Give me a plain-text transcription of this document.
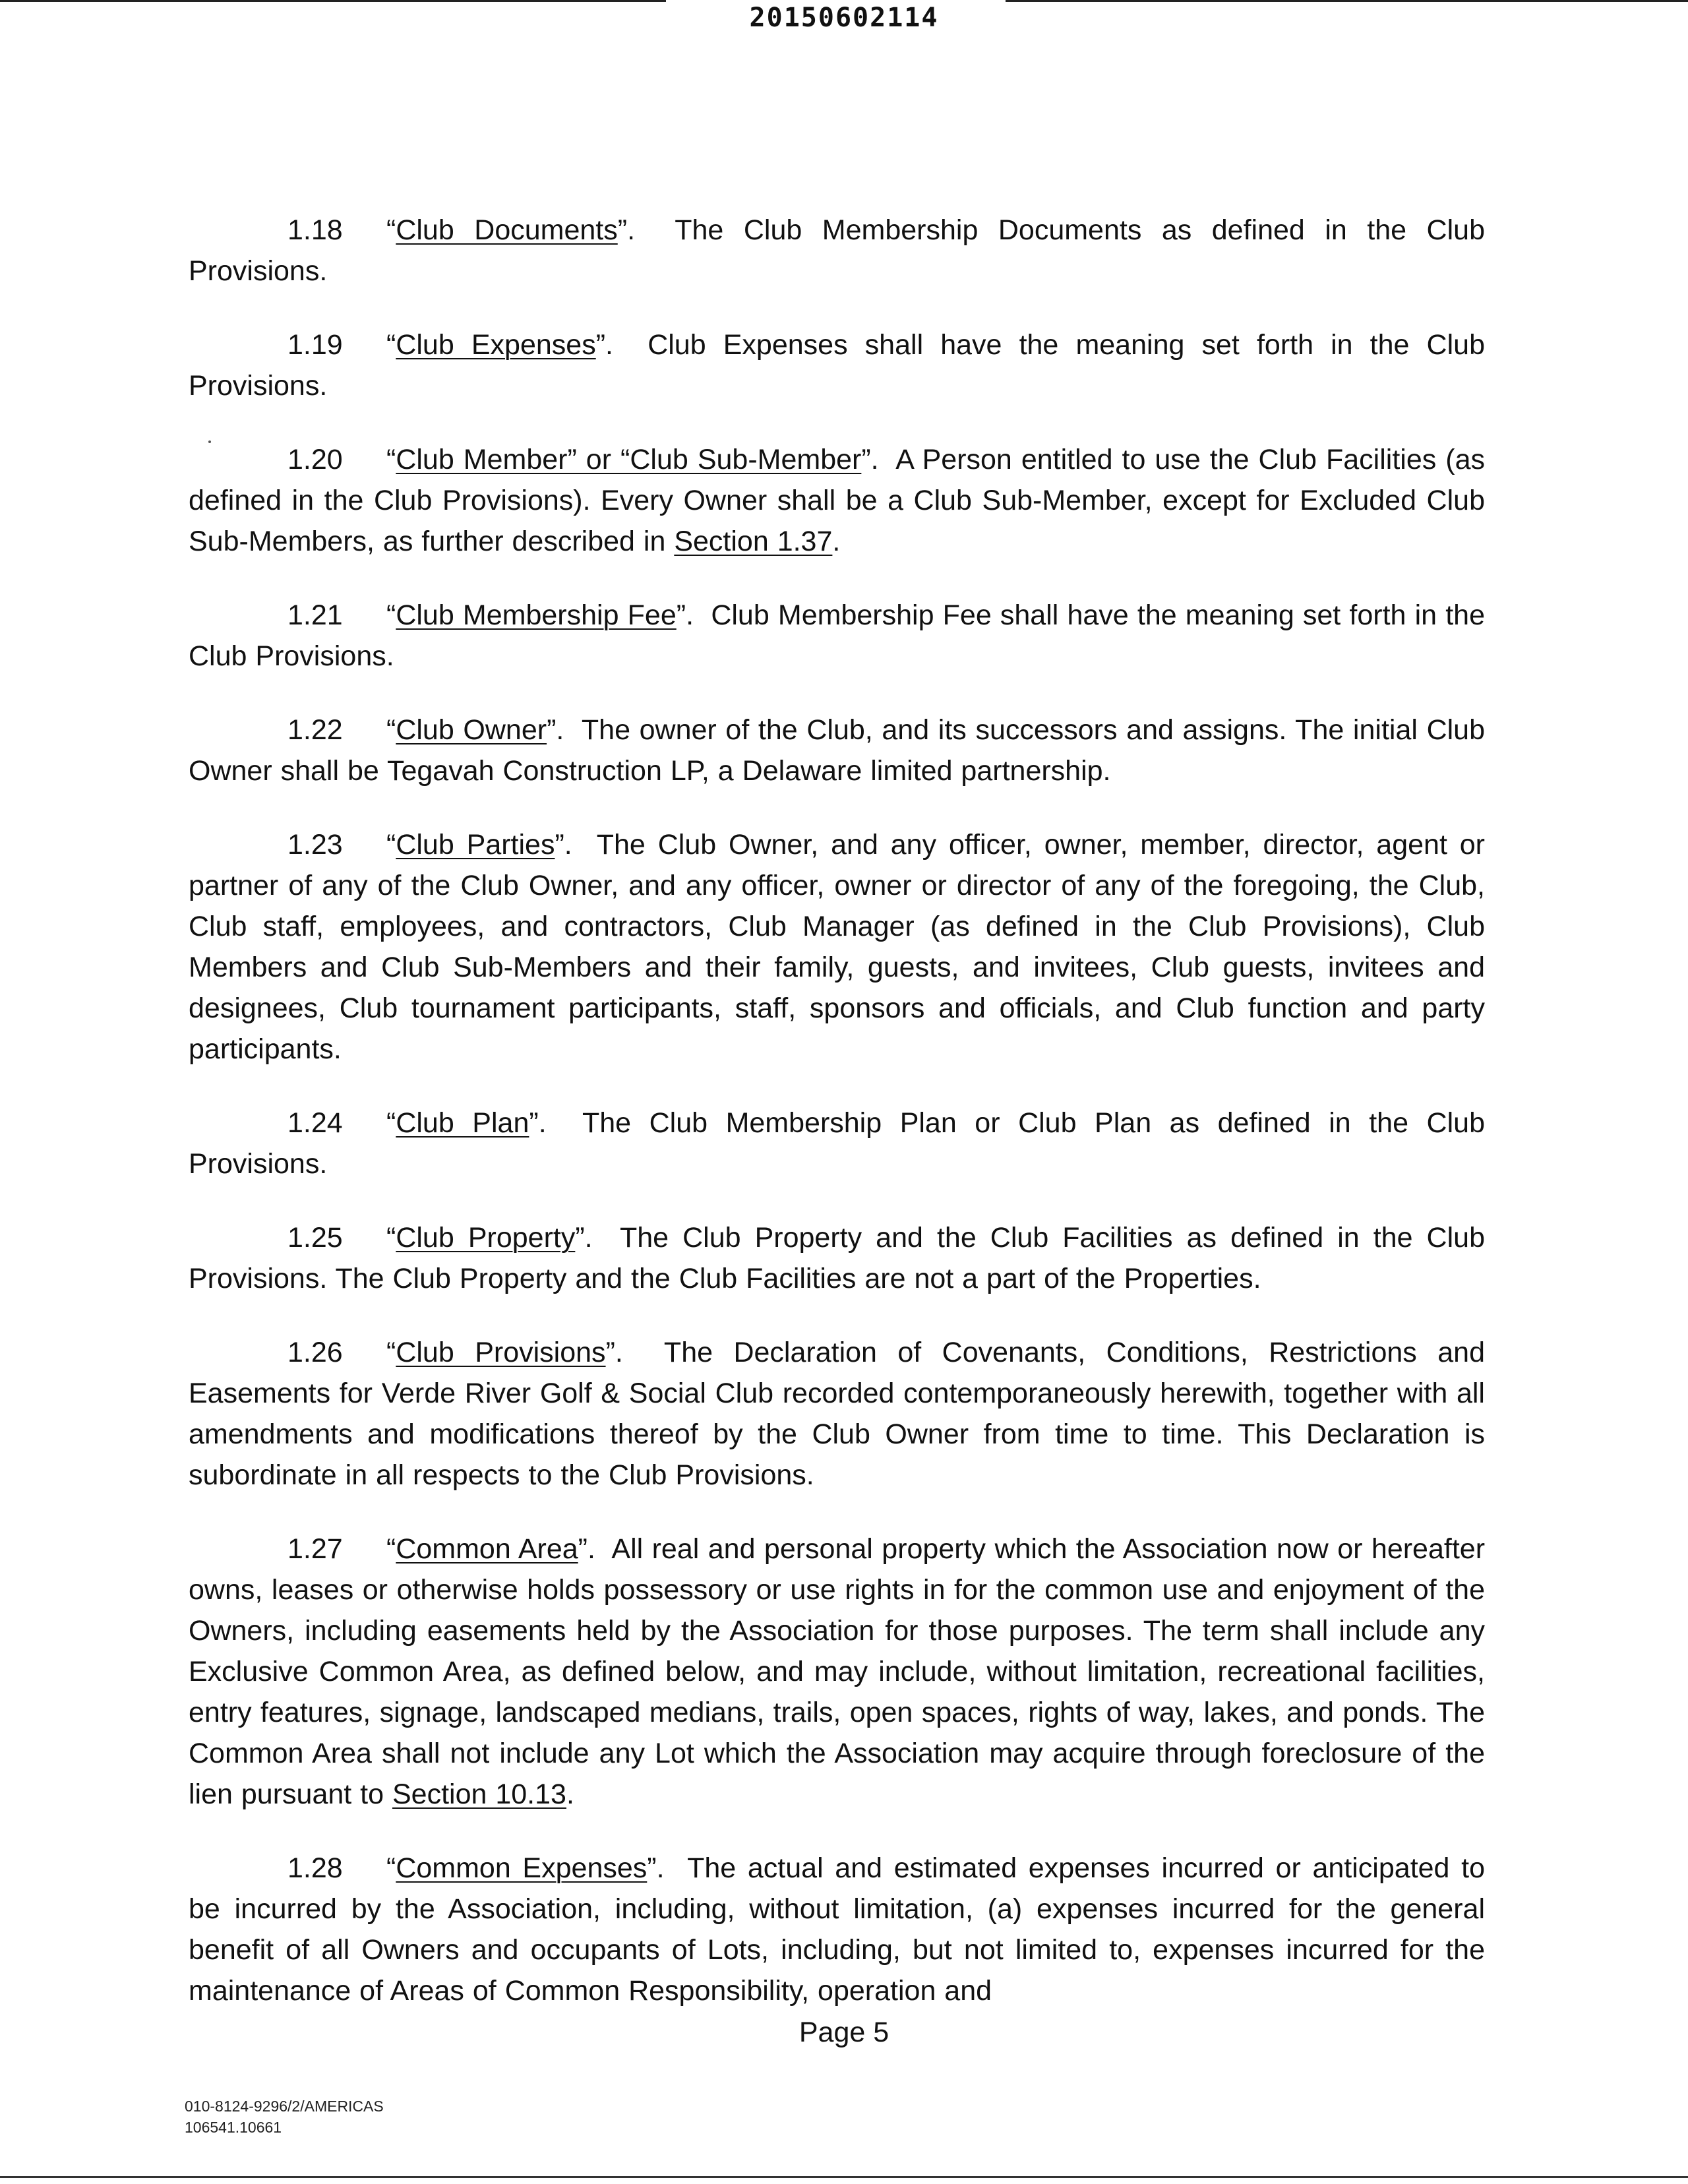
20150602114

1.18 “Club Documents”.  The Club Membership Documents as defined in the Club Provisions.

1.19 “Club Expenses”.  Club Expenses shall have the meaning set forth in the Club Provisions.

1.20 “Club Member” or “Club Sub-Member”.  A Person entitled to use the Club Facilities (as defined in the Club Provisions). Every Owner shall be a Club Sub-Member, except for Excluded Club Sub-Members, as further described in Section 1.37.

1.21 “Club Membership Fee”.  Club Membership Fee shall have the meaning set forth in the Club Provisions.

1.22 “Club Owner”.  The owner of the Club, and its successors and assigns. The initial Club Owner shall be Tegavah Construction LP, a Delaware limited partnership.

1.23 “Club Parties”.  The Club Owner, and any officer, owner, member, director, agent or partner of any of the Club Owner, and any officer, owner or director of any of the foregoing, the Club, Club staff, employees, and contractors, Club Manager (as defined in the Club Provisions), Club Members and Club Sub-Members and their family, guests, and invitees, Club guests, invitees and designees, Club tournament participants, staff, sponsors and officials, and Club function and party participants.

1.24 “Club Plan”.  The Club Membership Plan or Club Plan as defined in the Club Provisions.

1.25 “Club Property”.  The Club Property and the Club Facilities as defined in the Club Provisions. The Club Property and the Club Facilities are not a part of the Properties.

1.26 “Club Provisions”.  The Declaration of Covenants, Conditions, Restrictions and Easements for Verde River Golf & Social Club recorded contemporaneously herewith, together with all amendments and modifications thereof by the Club Owner from time to time. This Declaration is subordinate in all respects to the Club Provisions.

1.27 “Common Area”.  All real and personal property which the Association now or hereafter owns, leases or otherwise holds possessory or use rights in for the common use and enjoyment of the Owners, including easements held by the Association for those purposes. The term shall include any Exclusive Common Area, as defined below, and may include, without limitation, recreational facilities, entry features, signage, landscaped medians, trails, open spaces, rights of way, lakes, and ponds. The Common Area shall not include any Lot which the Association may acquire through foreclosure of the lien pursuant to Section 10.13.

1.28 “Common Expenses”.  The actual and estimated expenses incurred or anticipated to be incurred by the Association, including, without limitation, (a) expenses incurred for the general benefit of all Owners and occupants of Lots, including, but not limited to, expenses incurred for the maintenance of Areas of Common Responsibility, operation and

Page 5
010-8124-9296/2/AMERICAS
106541.10661
